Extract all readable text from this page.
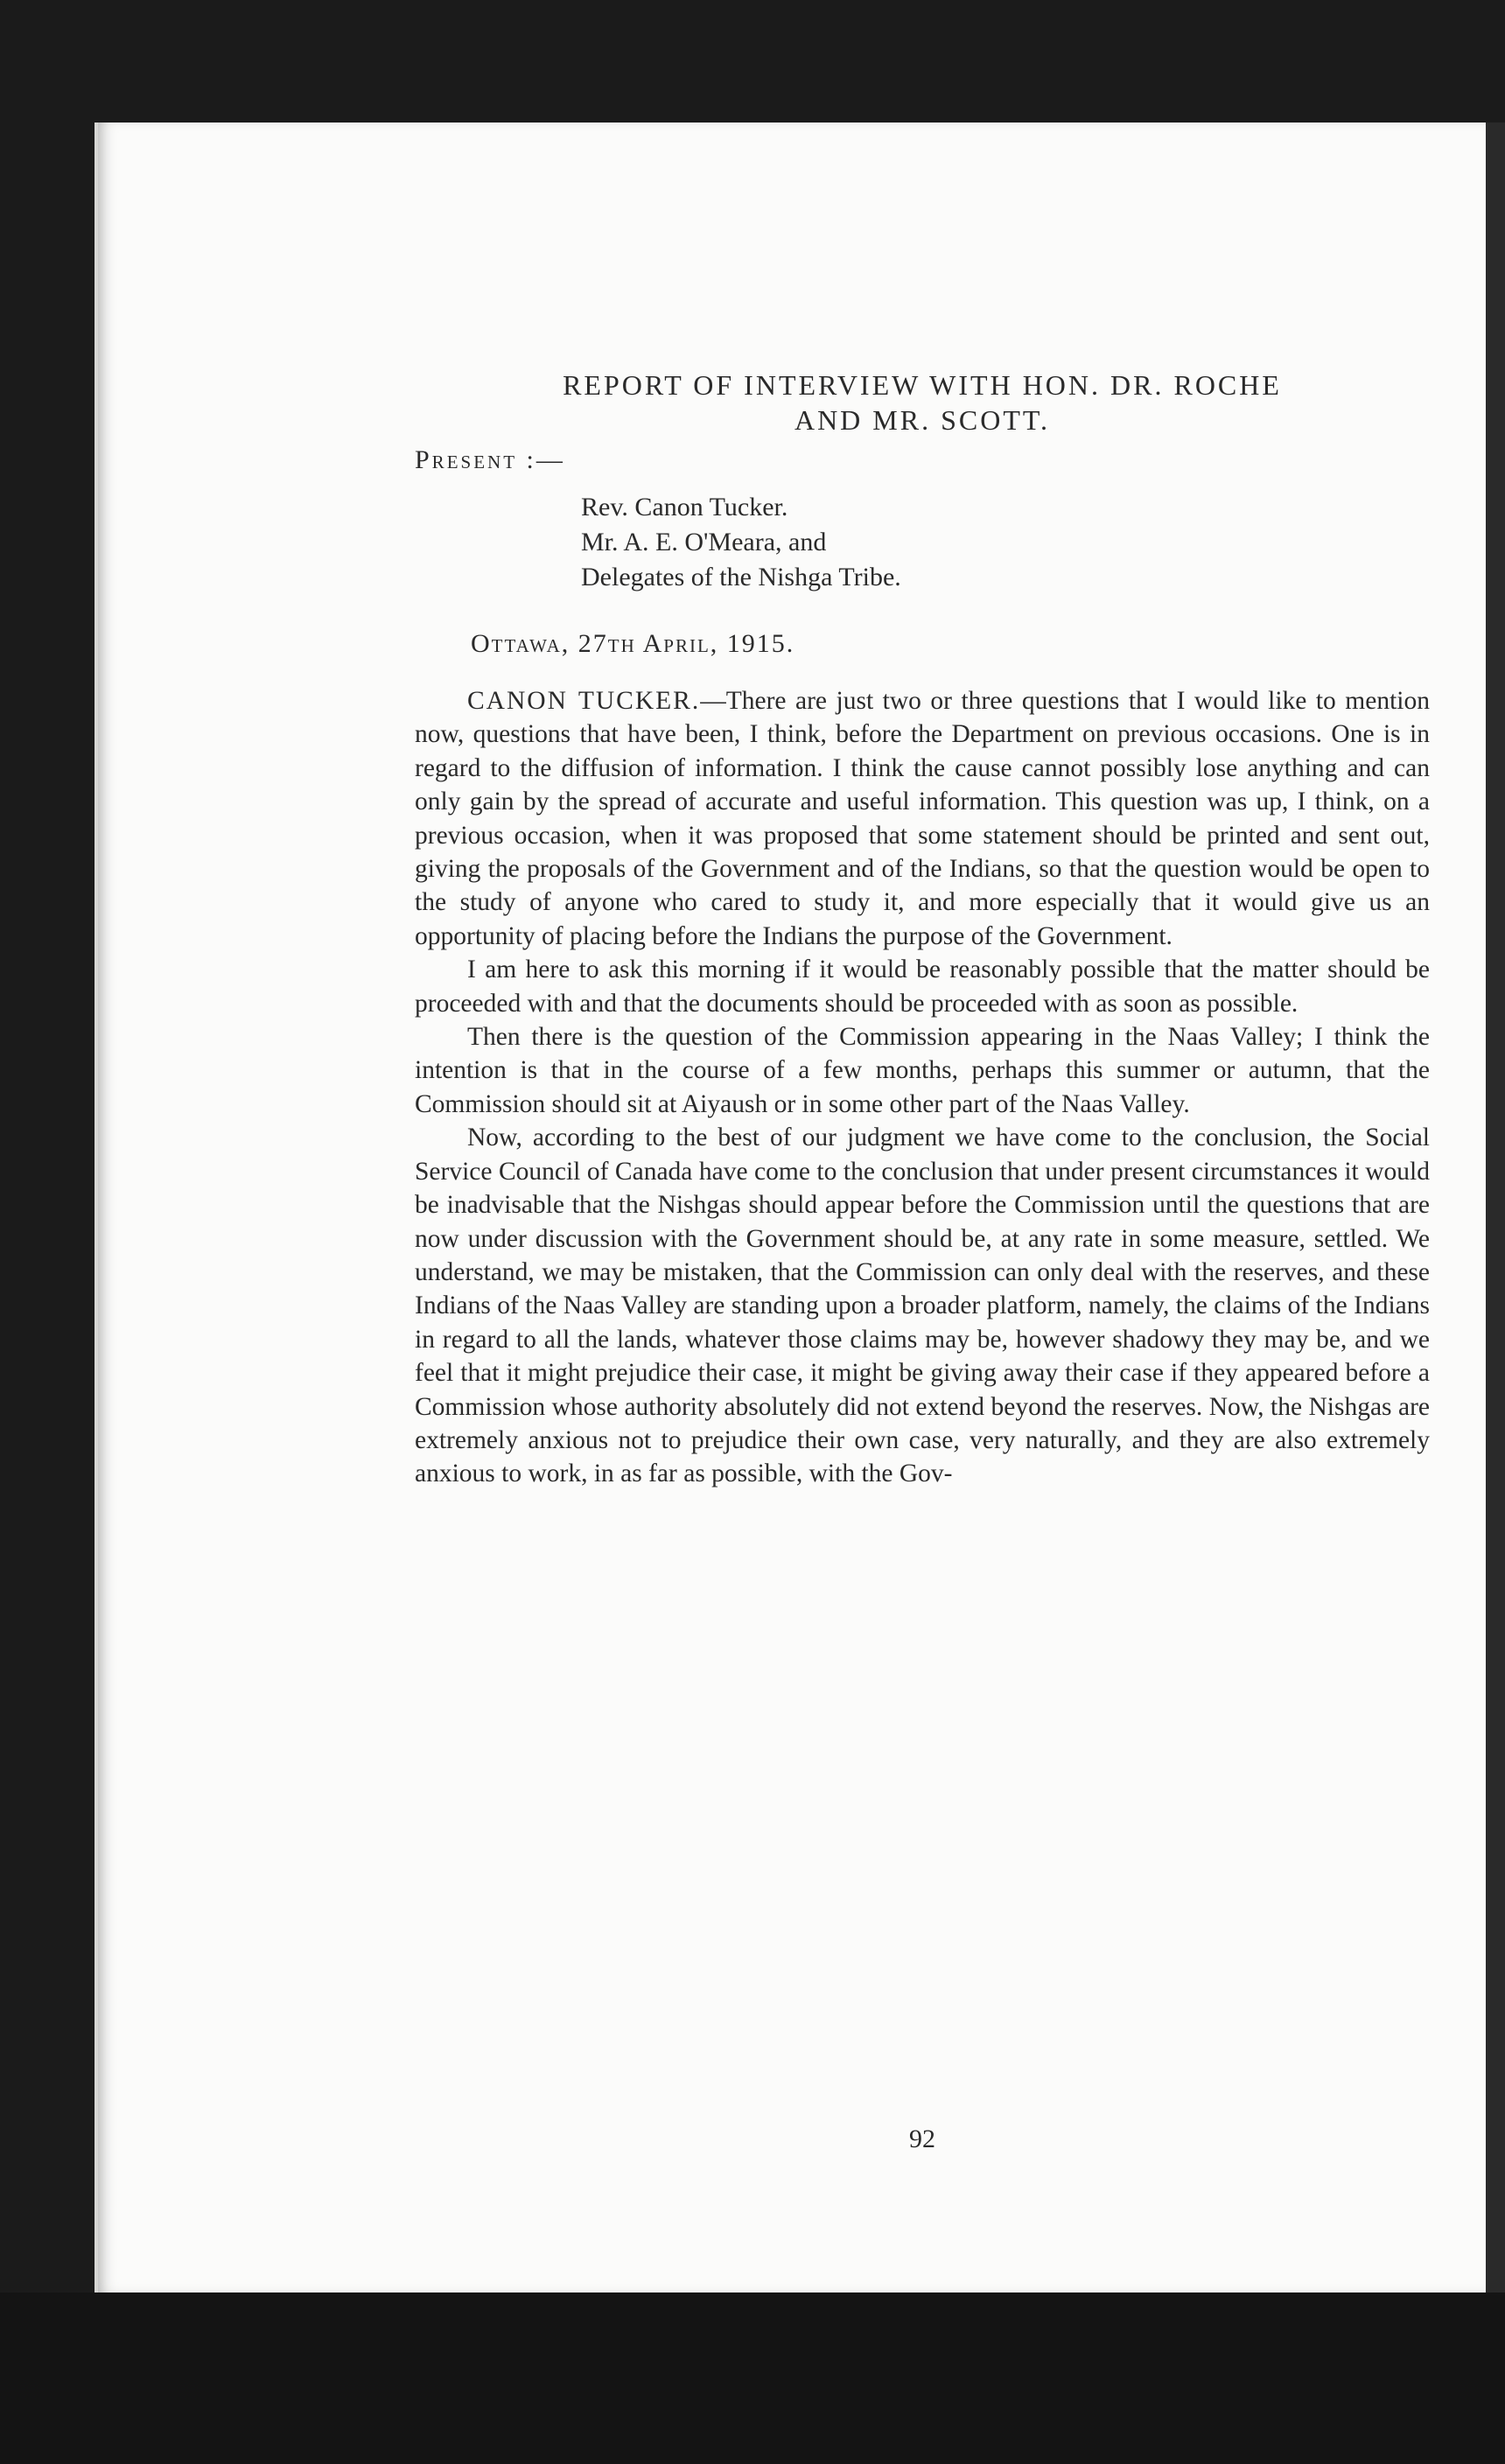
REPORT OF INTERVIEW WITH HON. DR. ROCHE
AND MR. SCOTT.
Present :—
Rev. Canon Tucker.
Mr. A. E. O'Meara, and
Delegates of the Nishga Tribe.
Ottawa, 27th April, 1915.

CANON TUCKER.—There are just two or three questions that I would like to mention now, questions that have been, I think, before the Department on previous occasions. One is in regard to the diffusion of information. I think the cause cannot possibly lose anything and can only gain by the spread of accurate and useful information. This question was up, I think, on a previous occasion, when it was proposed that some statement should be printed and sent out, giving the proposals of the Government and of the Indians, so that the question would be open to the study of anyone who cared to study it, and more especially that it would give us an opportunity of placing before the Indians the purpose of the Government.

I am here to ask this morning if it would be reasonably possible that the matter should be proceeded with and that the documents should be proceeded with as soon as possible.

Then there is the question of the Commission appearing in the Naas Valley; I think the intention is that in the course of a few months, perhaps this summer or autumn, that the Commission should sit at Aiyaush or in some other part of the Naas Valley.

Now, according to the best of our judgment we have come to the conclusion, the Social Service Council of Canada have come to the conclusion that under present circumstances it would be inadvisable that the Nishgas should appear before the Commission until the questions that are now under discussion with the Government should be, at any rate in some measure, settled. We understand, we may be mistaken, that the Commission can only deal with the reserves, and these Indians of the Naas Valley are standing upon a broader platform, namely, the claims of the Indians in regard to all the lands, whatever those claims may be, however shadowy they may be, and we feel that it might prejudice their case, it might be giving away their case if they appeared before a Commission whose authority absolutely did not extend beyond the reserves. Now, the Nishgas are extremely anxious not to prejudice their own case, very naturally, and they are also extremely anxious to work, in as far as possible, with the Gov-

92
